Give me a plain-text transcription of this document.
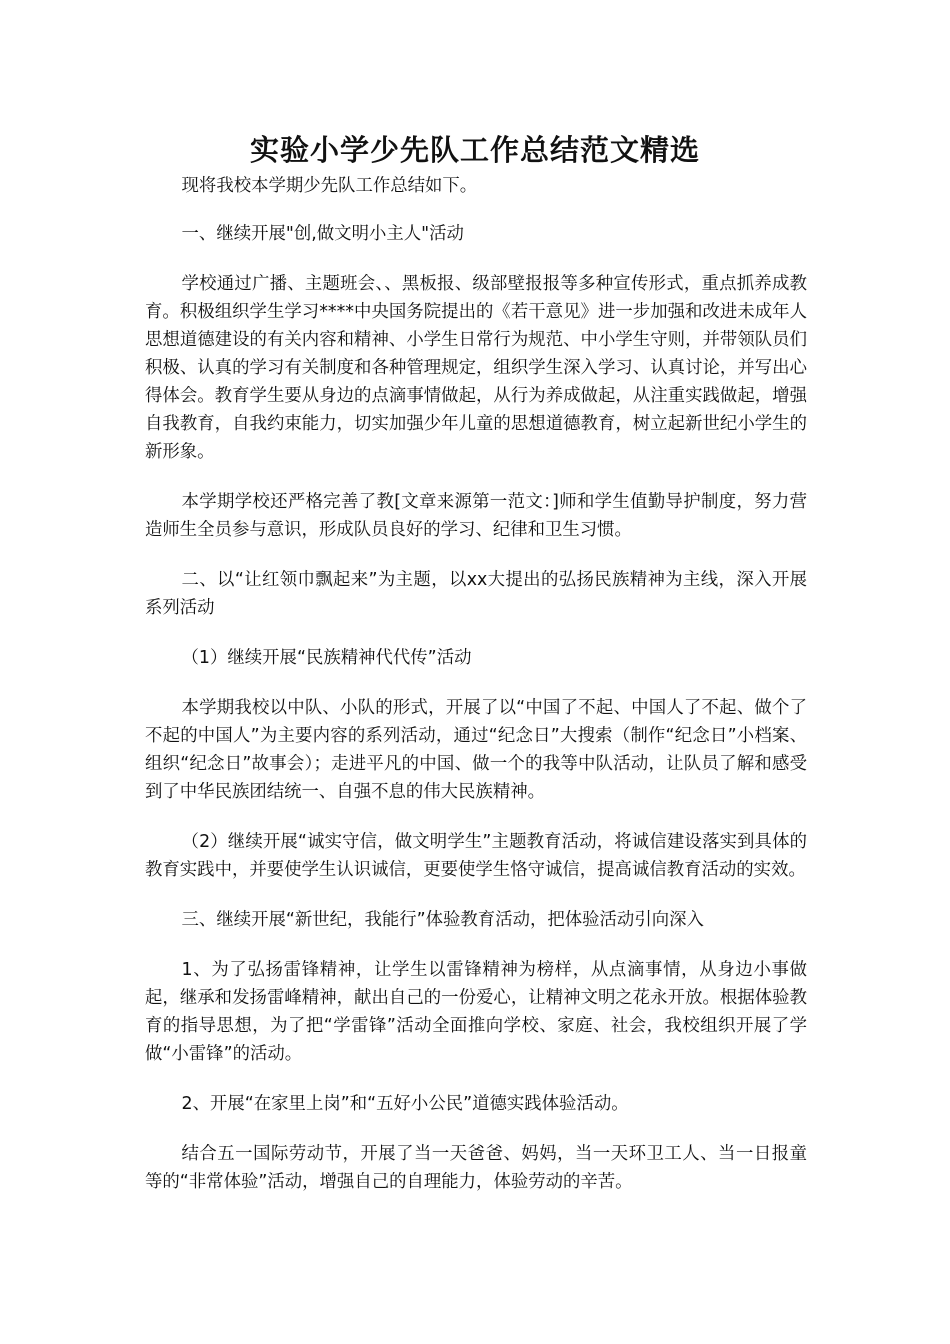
实验小学少先队工作总结范文精选

现将我校本学期少先队工作总结如下。

一、继续开展"创,做文明小主人"活动

学校通过广播、主题班会、、黑板报、级部壁报报等多种宣传形式，重点抓养成教育。积极组织学生学习****中央国务院提出的《若干意见》进一步加强和改进未成年人思想道德建设的有关内容和精神、小学生日常行为规范、中小学生守则，并带领队员们积极、认真的学习有关制度和各种管理规定，组织学生深入学习、认真讨论，并写出心得体会。教育学生要从身边的点滴事情做起，从行为养成做起，从注重实践做起，增强自我教育，自我约束能力，切实加强少年儿童的思想道德教育，树立起新世纪小学生的新形象。

本学期学校还严格完善了教[文章来源第一范文：]师和学生值勤导护制度，努力营造师生全员参与意识，形成队员良好的学习、纪律和卫生习惯。

二、以“让红领巾飘起来”为主题，以xx大提出的弘扬民族精神为主线，深入开展系列活动

（1）继续开展“民族精神代代传”活动

本学期我校以中队、小队的形式，开展了以“中国了不起、中国人了不起、做个了不起的中国人”为主要内容的系列活动，通过“纪念日”大搜索（制作“纪念日”小档案、组织“纪念日”故事会）；走进平凡的中国、做一个的我等中队活动，让队员了解和感受到了中华民族团结统一、自强不息的伟大民族精神。

（2）继续开展“诚实守信，做文明学生”主题教育活动，将诚信建设落实到具体的教育实践中，并要使学生认识诚信，更要使学生恪守诚信，提高诚信教育活动的实效。

三、继续开展“新世纪，我能行”体验教育活动，把体验活动引向深入

1、为了弘扬雷锋精神，让学生以雷锋精神为榜样，从点滴事情，从身边小事做起，继承和发扬雷峰精神，献出自己的一份爱心，让精神文明之花永开放。根据体验教育的指导思想，为了把“学雷锋”活动全面推向学校、家庭、社会，我校组织开展了学做“小雷锋”的活动。

2、开展“在家里上岗”和“五好小公民”道德实践体验活动。

结合五一国际劳动节，开展了当一天爸爸、妈妈，当一天环卫工人、当一日报童等的“非常体验”活动，增强自己的自理能力，体验劳动的辛苦。
